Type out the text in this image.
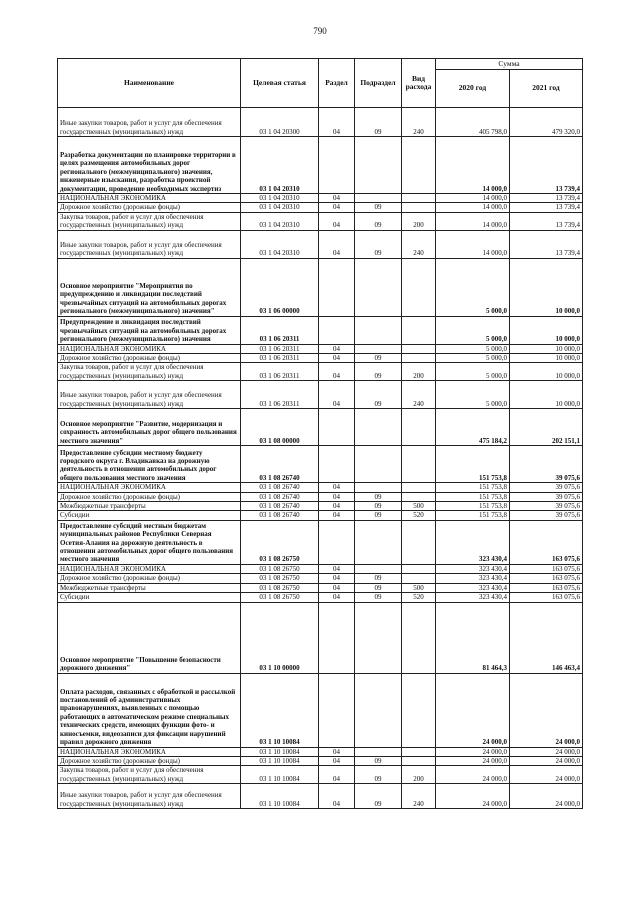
790
Наименование	Целевая статья	Раздел	Подраздел	Вид расхода	Сумма	
					2020 год	2021 год
Иные закупки товаров, работ и услуг для обеспечения государственных (муниципальных) нужд	03 1 04 20300	04	09	240	405 798,0	479 320,0
Разработка документации по планировке территории в целях размещения автомобильных дорог регионального (межмуниципального) значения, инженерные изыскания, разработка проектной документации, проведение необходимых экспертиз	03 1 04 20310				14 000,0	13 739,4
НАЦИОНАЛЬНАЯ ЭКОНОМИКА	03 1 04 20310	04			14 000,0	13 739,4
Дорожное хозяйство (дорожные фонды)	03 1 04 20310	04	09		14 000,0	13 739,4
Закупка товаров, работ и услуг для обеспечения государственных (муниципальных) нужд	03 1 04 20310	04	09	200	14 000,0	13 739,4
Иные закупки товаров, работ и услуг для обеспечения государственных (муниципальных) нужд	03 1 04 20310	04	09	240	14 000,0	13 739,4
Основное мероприятие "Мероприятия по предупреждению и ликвидации последствий чрезвычайных ситуаций на автомобильных дорогах регионального (межмуниципального) значения"	03 1 06 00000				5 000,0	10 000,0
Предупреждение и ликвидация последствий чрезвычайных ситуаций на автомобильных дорогах регионального (межмуниципального) значения	03 1 06 20311				5 000,0	10 000,0
НАЦИОНАЛЬНАЯ ЭКОНОМИКА	03 1 06 20311	04			5 000,0	10 000,0
Дорожное хозяйство (дорожные фонды)	03 1 06 20311	04	09		5 000,0	10 000,0
Закупка товаров, работ и услуг для обеспечения государственных (муниципальных) нужд	03 1 06 20311	04	09	200	5 000,0	10 000,0
Иные закупки товаров, работ и услуг для обеспечения государственных (муниципальных) нужд	03 1 06 20311	04	09	240	5 000,0	10 000,0
Основное мероприятие "Развитие, модернизация и сохранность автомобильных дорог общего пользования местного значения"	03 1 08 00000				475 184,2	202 151,1
Предоставление субсидии местному бюджету городского округа г. Владикавказ на дорожную деятельность в отношении автомобильных дорог общего пользования местного значения	03 1 08 26740				151 753,8	39 075,6
НАЦИОНАЛЬНАЯ ЭКОНОМИКА	03 1 08 26740	04			151 753,8	39 075,6
Дорожное хозяйство (дорожные фонды)	03 1 08 26740	04	09		151 753,8	39 075,6
Межбюджетные трансферты	03 1 08 26740	04	09	500	151 753,8	39 075,6
Субсидии	03 1 08 26740	04	09	520	151 753,8	39 075,6
Предоставление субсидий местным бюджетам муниципальных районов Республики Северная Осетия-Алания на дорожную деятельность в отношении автомобильных дорог общего пользования местного значения	03 1 08 26750				323 430,4	163 075,6
НАЦИОНАЛЬНАЯ ЭКОНОМИКА	03 1 08 26750	04			323 430,4	163 075,6
Дорожное хозяйство (дорожные фонды)	03 1 08 26750	04	09		323 430,4	163 075,6
Межбюджетные трансферты	03 1 08 26750	04	09	500	323 430,4	163 075,6
Субсидии	03 1 08 26750	04	09	520	323 430,4	163 075,6
Основное мероприятие "Повышение безопасности дорожного движения"	03 1 10 00000				81 464,3	146 463,4
Оплата расходов, связанных с обработкой и рассылкой постановлений об административных правонарушениях, выявленных с помощью работающих в автоматическом режиме специальных технических средств, имеющих функции фото- и киносъемки, видеозаписи для фиксации нарушений правил дорожного движения	03 1 10 10084				24 000,0	24 000,0
НАЦИОНАЛЬНАЯ ЭКОНОМИКА	03 1 10 10084	04			24 000,0	24 000,0
Дорожное хозяйство (дорожные фонды)	03 1 10 10084	04	09		24 000,0	24 000,0
Закупка товаров, работ и услуг для обеспечения государственных (муниципальных) нужд	03 1 10 10084	04	09	200	24 000,0	24 000,0
Иные закупки товаров, работ и услуг для обеспечения государственных (муниципальных) нужд	03 1 10 10084	04	09	240	24 000,0	24 000,0
